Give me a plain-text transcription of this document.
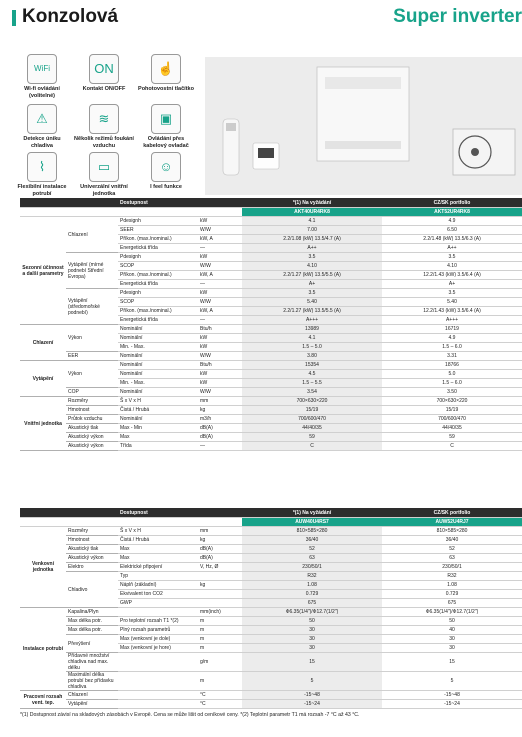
Konzolová	Super inverter
WiFi
Wi-fi ovládání (volitelné)
ON
Kontakt ON/OFF
☝
Pohotovostní tlačítko
⚠
Detekce úniku chladiva
≋
Několik režimů foukání vzduchu
▣
Ovládání přes kabelový ovladač
⌇
Flexibilní instalace potrubí
▭
Univerzální vnitřní jednotka
☺
I feel funkce
		Dostupnost		*(1) Na vyžádání	CZ/SK portfolio
				AKT40UR4RK8	AKT52UR4RK8
Sezonní účinnost a další parametry	Chlazení	Pdesignh	kW	4.1	4.9
		SEER	W/W	7.00	6.50
		Příkon. (max./nominal.)	kW, A	2.2/1.08 (kW) 13.5/4.7 (A)	2.2/1.48 (kW) 13.5/6.3 (A)
		Energetická třída	—	A++	A++
	Vytápění (mírné podnebí Střední Evropa)	Pdesignh	kW	3.5	3.5
		SCOP	W/W	4.10	4.10
		Příkon. (max./nominal.)	kW, A	2.2/1.27 (kW) 13.5/5.5 (A)	12.2/1.43 (kW) 3.5/6.4 (A)
		Energetická třída	—	A+	A+
	Vytápění (středomořské podnebí)	Pdesignh	kW	3.5	3.5
		SCOP	W/W	5.40	5.40
		Příkon. (max./nominal.)	kW, A	2.2/1.27 (kW) 13.5/5.5 (A)	12.2/1.43 (kW) 3.5/6.4 (A)
		Energetická třída	—	A+++	A+++
Chlazení	Výkon	Nominální	Btu/h	13989	16719
		Nominální	kW	4.1	4.9
		Min. - Max.	kW	1.5 – 5.0	1.5 – 6.0
	EER	Nominální	W/W	3.80	3.31
Vytápění	Výkon	Nominální	Btu/h	15354	18766
		Nominální	kW	4.5	5.0
		Min. - Max.	kW	1.5 – 5.5	1.5 – 6.0
	COP	Nominální	W/W	3.54	3.50
Vnitřní jednotka	Rozměry	Š x V x H	mm	700×630×220	700×630×220
	Hmotnost	Čistá / Hrubá	kg	15/19	15/19
	Průtok vzduchu	Nominální	m3/h	700/600/470	700/600/470
	Akustický tlak	Max - Min	dB(A)	44/40/35	44/40/35
	Akustický výkon	Max	dB(A)	59	59
	Akustický výkon	Třída	—	C	C
		Dostupnost		*(1) Na vyžádání	CZ/SK portfolio
				AUW40U4RS7	AUW52U4RJ7
Venkovní jednotka	Rozměry	Š x V x H	mm	810×585×280	810×585×280
	Hmotnost	Čistá / Hrubá	kg	36/40	36/40
	Akustický tlak	Max	dB(A)	52	52
	Akustický výkon	Max	dB(A)	63	63
	Elektro	Elektrické připojení	V, Hz, Ø	230/50/1	230/50/1
	Chladivo	Typ		R32	R32
		Náplň (základní)	kg	1.08	1.08
		Ekvivalent ton CO2		0.729	0.729
		GWP		675	675
Instalace potrubí	Kapalina/Plyn		mm(inch)	Ф6.35(1/4")/Ф12.7(1/2")	Ф6.35(1/4")/Ф12.7(1/2")
	Max délka potr.	Pro teplotní rozsah T1 *(2)	m	50	50
	Max délka potr.	Plný rozsah parametrů	m	30	40
	Převýšení	Max (venkovní je dole)	m	30	30
		Max (venkovní je hore)	m	30	30
	Přídavné množství chladiva nad max. délku		g/m	15	15
	Maximální délka potrubí bez přídavku chladiva		m	5	5
Pracovní rozsah vent. tep.	Chlazení		°C	-15~48	-15~48
	Vytápění		°C	-15~24	-15~24
*(1) Dostupnost závisí na skladových zásobách v Evropě. Cena se může lišit od ceníkové ceny. *(2) Teplotní parametr T1 má rozsah -7 °C až 43 °C.
